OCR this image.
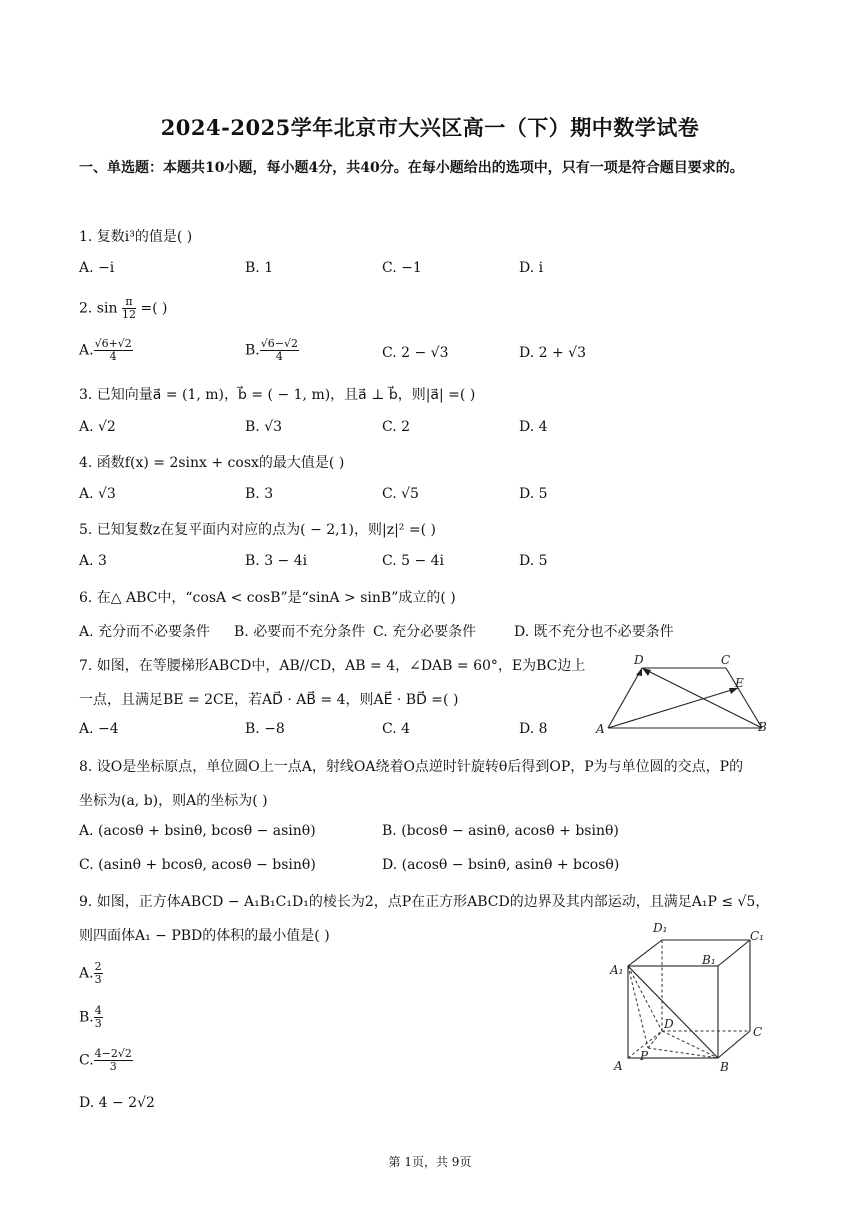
2024-2025学年北京市大兴区高一（下）期中数学试卷
一、单选题：本题共10小题，每小题4分，共40分。在每小题给出的选项中，只有一项是符合题目要求的。
1. 复数i³的值是( )
A. −i	B. 1	C. −1	D. i
2. $\sin \frac{\pi}{12}$ =( )
A. $\frac{√6+√2}{4}$	B. $\frac{√6-√2}{4}$	C. 2 − √3	D. 2 + √3
3. 已知向量a⃗ = (1, m)，b⃗ = ( − 1, m)，且a⃗ ⊥ b⃗，则|a⃗| =( )
A. √2	B. √3	C. 2	D. 4
4. 函数f(x) = 2sinx + cosx的最大值是( )
A. √3	B. 3	C. √5	D. 5
5. 已知复数z在复平面内对应的点为( − 2,1)，则|z|² =( )
A. 3	B. 3 − 4i	C. 5 − 4i	D. 5
6. 在△ ABC中，“cosA < cosB”是“sinA > sinB”成立的( )
A. 充分而不必要条件 B. 必要而不充分条件 C. 充分必要条件	D. 既不充分也不必要条件
7. 如图，在等腰梯形ABCD中，AB//CD，AB = 4，∠DAB = 60°，E为BC边上
一点，且满足BE = 2CE，若AD⃗ · AB⃗ = 4，则AE⃗ · BD⃗ =( )
A. −4	B. −8	C. 4	D. 8
D	C
E
A	B
8. 设O是坐标原点，单位圆O上一点A，射线OA绕着O点逆时针旋转θ后得到OP，P为与单位圆的交点，P的
坐标为(a, b)，则A的坐标为( )
A. (acosθ + bsinθ, bcosθ − asinθ)	B. (bcosθ − asinθ, acosθ + bsinθ)
C. (asinθ + bcosθ, acosθ − bsinθ)	D. (acosθ − bsinθ, asinθ + bcosθ)
9. 如图，正方体ABCD − A₁B₁C₁D₁的棱长为2，点P在正方形ABCD的边界及其内部运动，且满足A₁P ≤ √5，
则四面体A₁ − PBD的体积的最小值是( )
A. $\frac{2}{3}$
B. $\frac{4}{3}$
C. $\frac{4-2√2}{3}$
D. 4 − 2√2
D₁
C₁
B₁
A₁
D
C
P
A	B
第 1页，共 9页
